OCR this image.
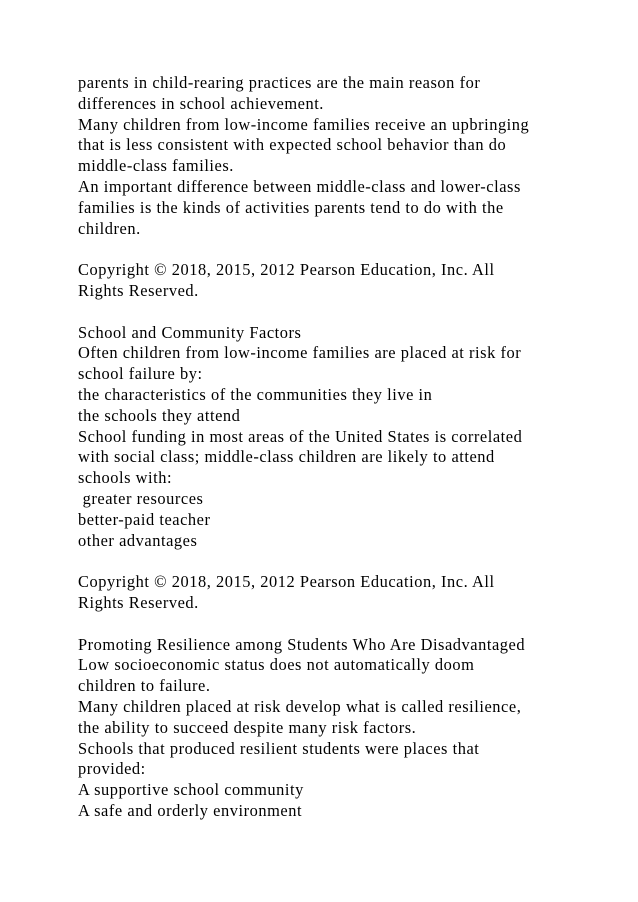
parents in child-rearing practices are the main reason for
differences in school achievement.
Many children from low-income families receive an upbringing
that is less consistent with expected school behavior than do
middle-class families.
An important difference between middle-class and lower-class
families is the kinds of activities parents tend to do with the
children.
Copyright © 2018, 2015, 2012 Pearson Education, Inc. All
Rights Reserved.
School and Community Factors
Often children from low-income families are placed at risk for
school failure by:
the characteristics of the communities they live in
the schools they attend
School funding in most areas of the United States is correlated
with social class; middle-class children are likely to attend
schools with:
greater resources
better-paid teacher
other advantages
Copyright © 2018, 2015, 2012 Pearson Education, Inc. All
Rights Reserved.
Promoting Resilience among Students Who Are Disadvantaged
Low socioeconomic status does not automatically doom
children to failure.
Many children placed at risk develop what is called resilience,
the ability to succeed despite many risk factors.
Schools that produced resilient students were places that
provided:
A supportive school community
A safe and orderly environment
